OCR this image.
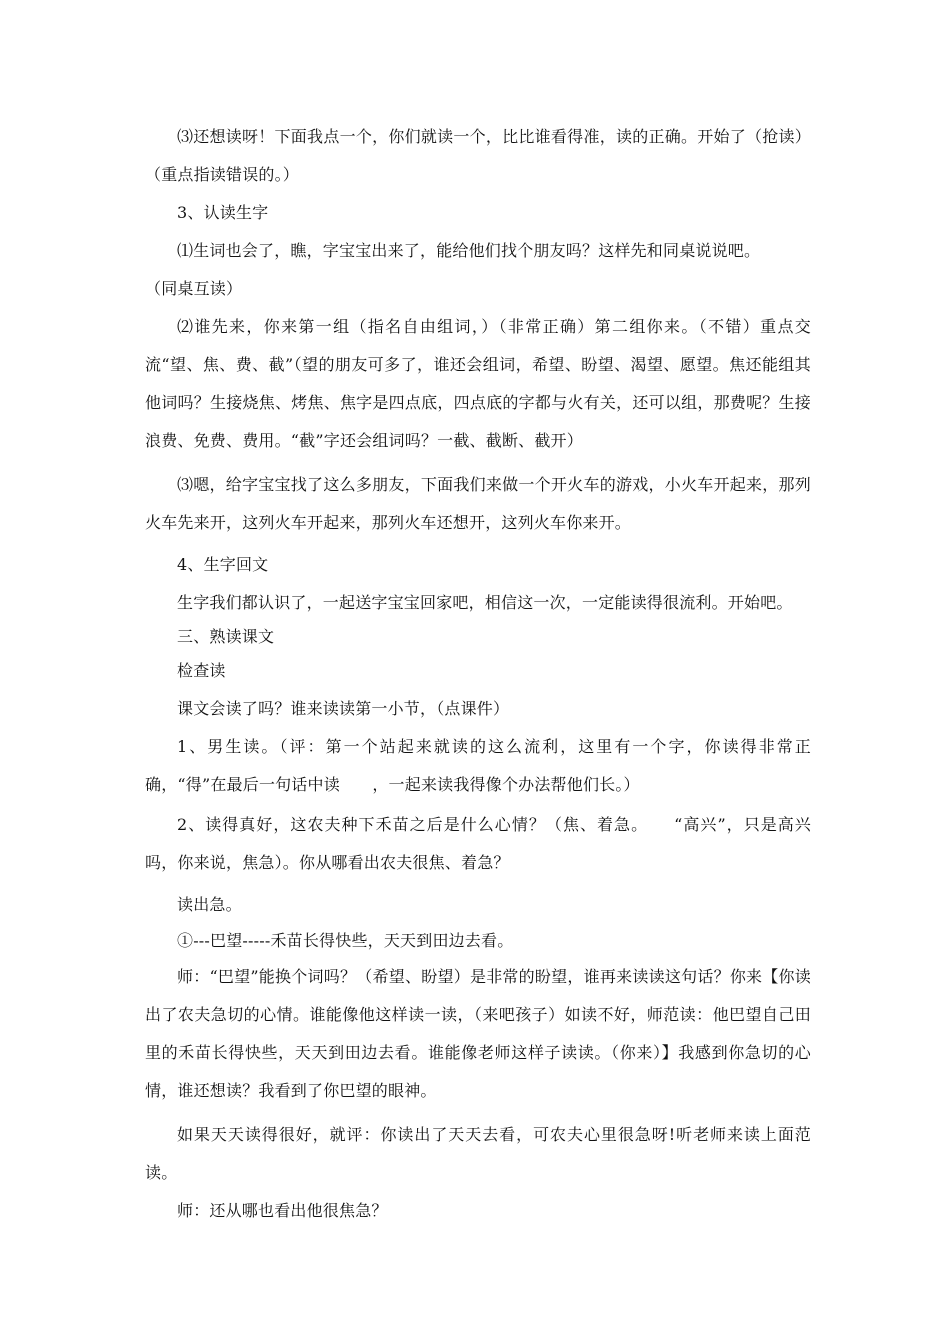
⑶还想读呀！下面我点一个，你们就读一个，比比谁看得准，读的正确。开始了（抢读）（重点指读错误的。）

3、认读生字

⑴生词也会了，瞧，字宝宝出来了，能给他们找个朋友吗？这样先和同桌说说吧。

（同桌互读）

⑵谁先来，你来第一组（指名自由组词，）（非常正确）第二组你来。（不错）重点交流“望、焦、费、截”（望的朋友可多了，谁还会组词，希望、盼望、渴望、愿望。焦还能组其他词吗？生接烧焦、烤焦、焦字是四点底，四点底的字都与火有关，还可以组，那费呢？生接浪费、免费、费用。“截”字还会组词吗？一截、截断、截开）

⑶嗯，给字宝宝找了这么多朋友，下面我们来做一个开火车的游戏，小火车开起来，那列火车先来开，这列火车开起来，那列火车还想开，这列火车你来开。

4、生字回文

生字我们都认识了，一起送字宝宝回家吧，相信这一次，一定能读得很流利。开始吧。

三、熟读课文

检查读

课文会读了吗？谁来读读第一小节，（点课件）

1、男生读。（评：第一个站起来就读的这么流利，这里有一个字，你读得非常正确，“得”在最后一句话中读　　，一起来读我得像个办法帮他们长。）

2、读得真好，这农夫种下禾苗之后是什么心情？（焦、着急。　　“高兴”，只是高兴吗，你来说，焦急）。你从哪看出农夫很焦、着急？

读出急。

①---巴望-----禾苗长得快些，天天到田边去看。

师：“巴望”能换个词吗？（希望、盼望）是非常的盼望，谁再来读读这句话？你来【你读出了农夫急切的心情。谁能像他这样读一读，（来吧孩子）如读不好，师范读：他巴望自己田里的禾苗长得快些，天天到田边去看。谁能像老师这样子读读。（你来）】我感到你急切的心情，谁还想读？我看到了你巴望的眼神。

如果天天读得很好，就评：你读出了天天去看，可农夫心里很急呀!听老师来读上面范读。

师：还从哪也看出他很焦急？
